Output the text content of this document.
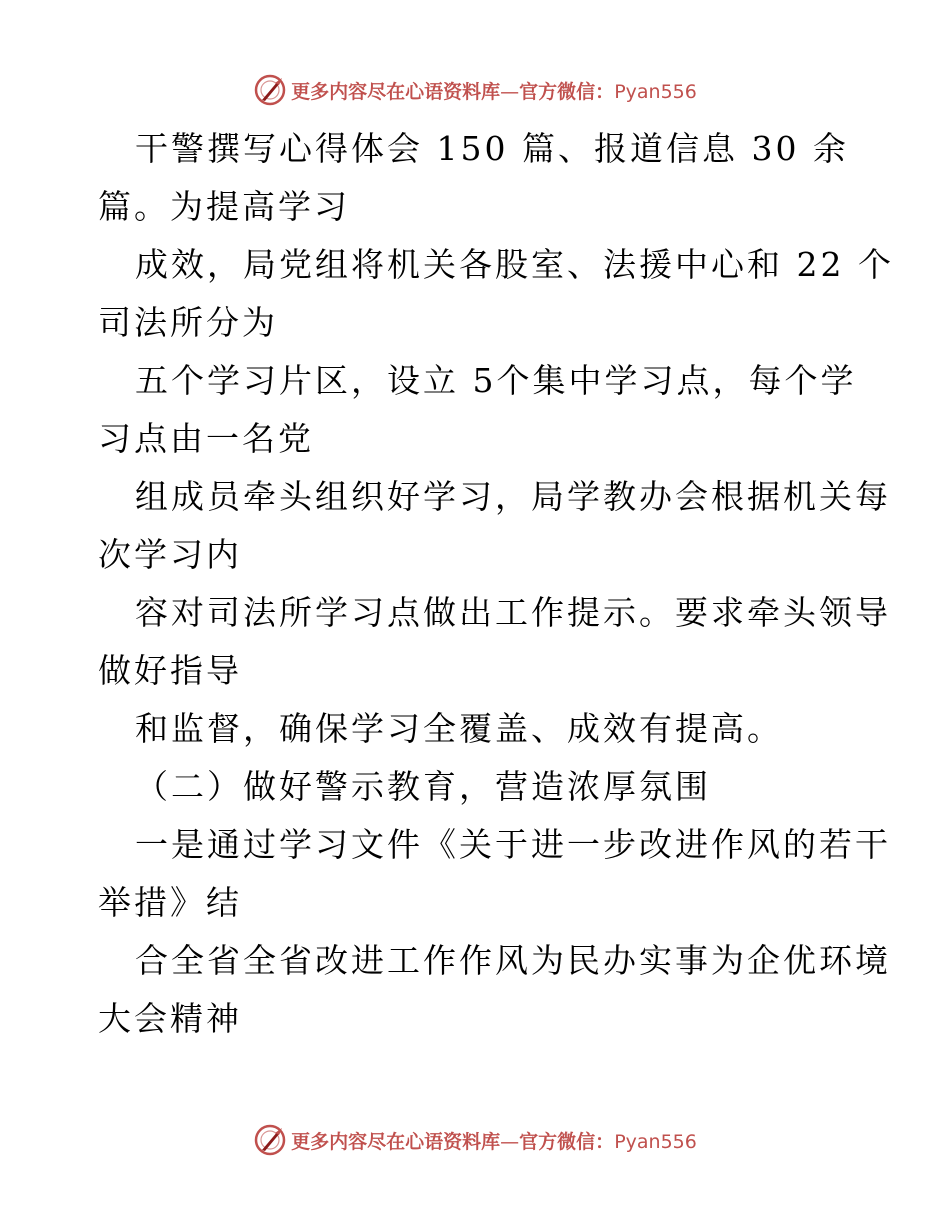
更多内容尽在心语资料库—官方微信：Pyan556
干警撰写心得体会 150 篇、报道信息 30 余
篇。为提高学习
成效，局党组将机关各股室、法援中心和 22 个
司法所分为
五个学习片区，设立 5个集中学习点，每个学
习点由一名党
组成员牵头组织好学习，局学教办会根据机关每
次学习内
容对司法所学习点做出工作提示。要求牵头领导
做好指导
和监督，确保学习全覆盖、成效有提高。
（二）做好警示教育，营造浓厚氛围
一是通过学习文件《关于进一步改进作风的若干
举措》结
合全省全省改进工作作风为民办实事为企优环境
大会精神
更多内容尽在心语资料库—官方微信：Pyan556
